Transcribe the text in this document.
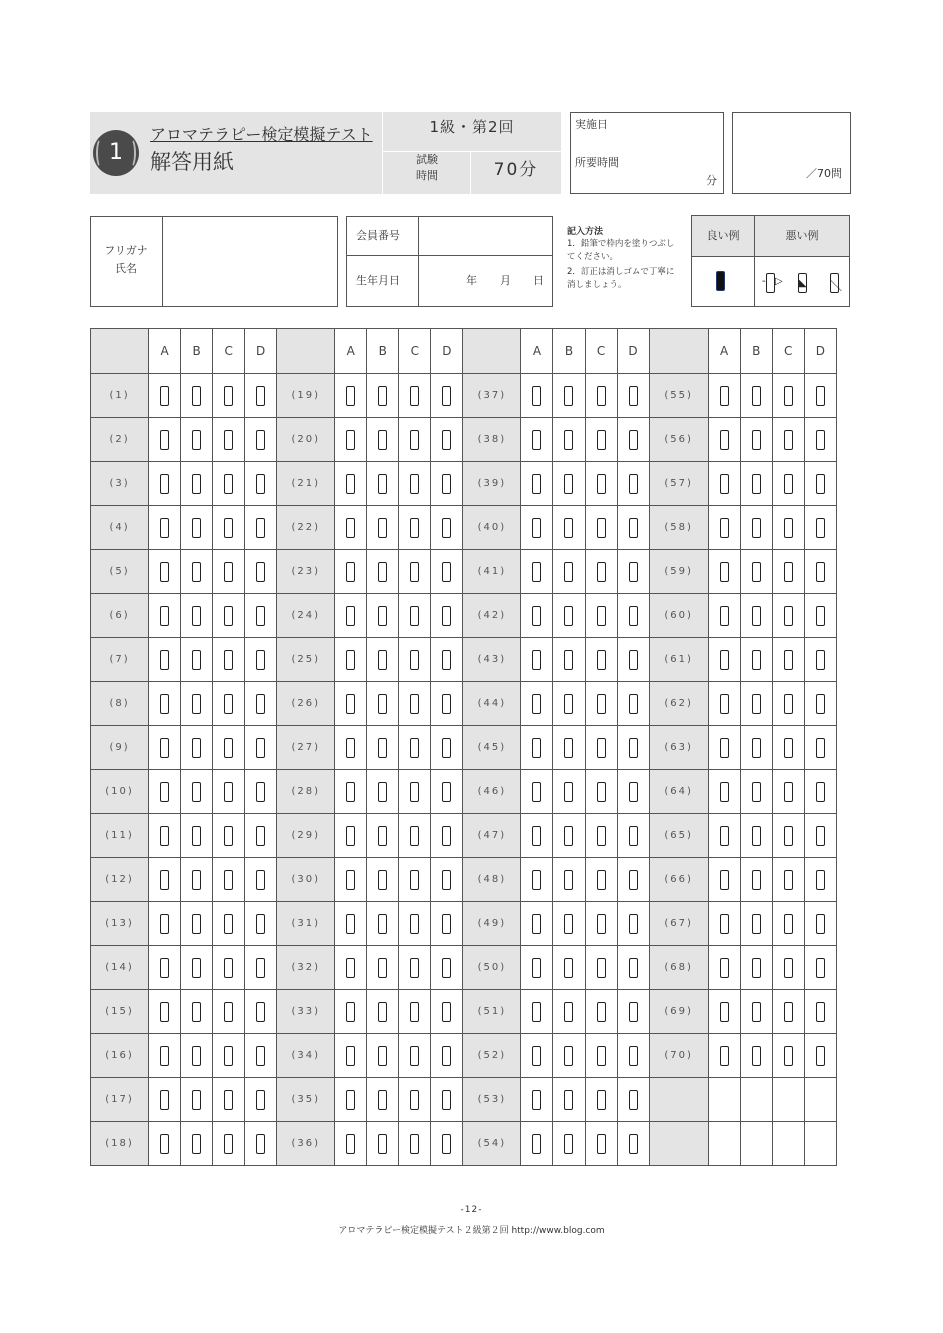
1
アロマテラピー検定模擬テスト
解答用紙
1級・第2回
試験
時間	70分
実施日
所要時間
分
／70問
フリガナ
氏名
会員番号
生年月日	年 月 日
記入方法
1．鉛筆で枠内を塗りつぶしてください。
2．訂正は消しゴムで丁寧に消しましょう。
良い例	悪い例
- ▷ ◣ ＼
	A	B	C	D		A	B	C	D		A	B	C	D		A	B	C	D
(1)					(19)					(37)					(55)				
(2)					(20)					(38)					(56)				
(3)					(21)					(39)					(57)				
(4)					(22)					(40)					(58)				
(5)					(23)					(41)					(59)				
(6)					(24)					(42)					(60)				
(7)					(25)					(43)					(61)				
(8)					(26)					(44)					(62)				
(9)					(27)					(45)					(63)				
(10)					(28)					(46)					(64)				
(11)					(29)					(47)					(65)				
(12)					(30)					(48)					(66)				
(13)					(31)					(49)					(67)				
(14)					(32)					(50)					(68)				
(15)					(33)					(51)					(69)				
(16)					(34)					(52)					(70)				
(17)					(35)					(53)									
(18)					(36)					(54)									
-12-
アロマテラピー検定模擬テスト２級第２回 http://www.blog.com
